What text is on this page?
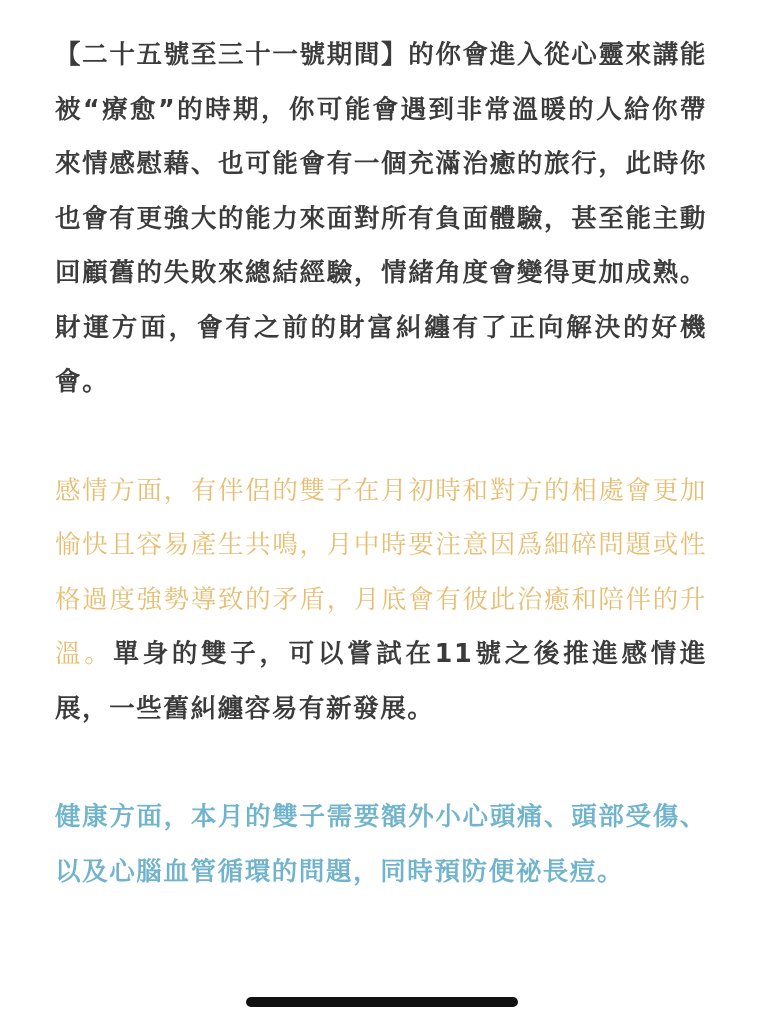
【二十五號至三十一號期間】的你會進入從心靈來講能被“療愈”的時期，你可能會遇到非常溫暖的人給你帶來情感慰藉、也可能會有一個充滿治癒的旅行，此時你也會有更強大的能力來面對所有負面體驗，甚至能主動回顧舊的失敗來總結經驗，情緒角度會變得更加成熟。財運方面，會有之前的財富糾纏有了正向解決的好機會。

感情方面，有伴侶的雙子在月初時和對方的相處會更加愉快且容易產生共鳴，月中時要注意因爲細碎問題或性格過度強勢導致的矛盾，月底會有彼此治癒和陪伴的升溫。單身的雙子，可以嘗試在11號之後推進感情進展，一些舊糾纏容易有新發展。

健康方面，本月的雙子需要額外小心頭痛、頭部受傷、以及心腦血管循環的問題，同時預防便祕長痘。
